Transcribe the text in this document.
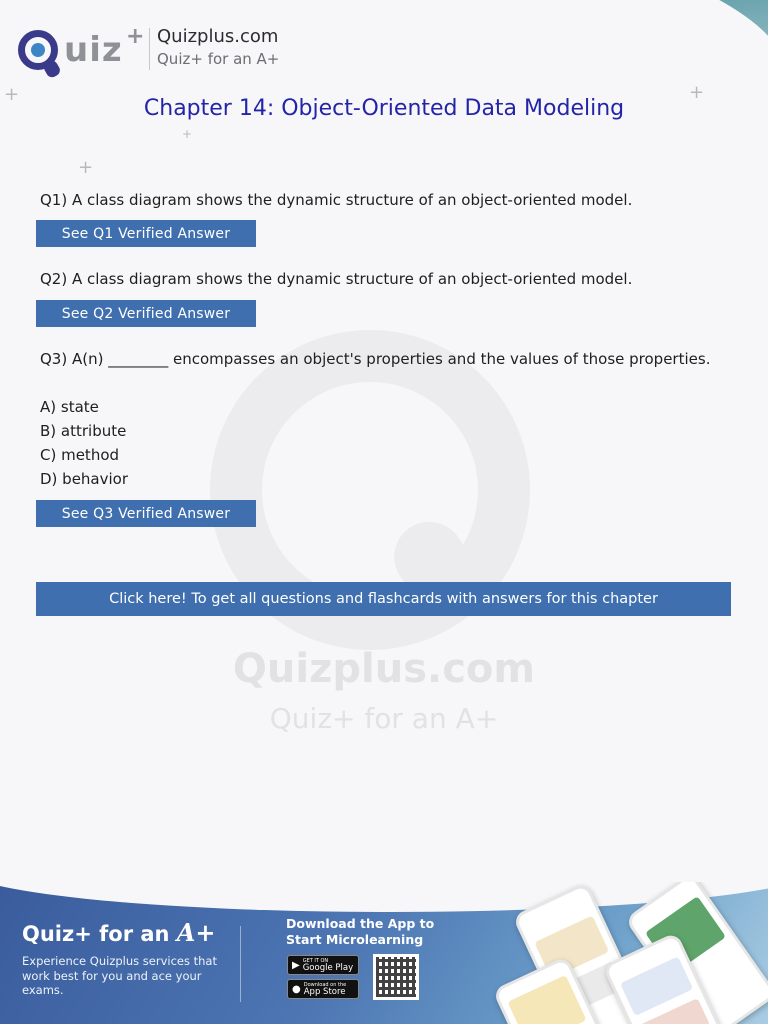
Quizplus.com
Quiz+ for an A+
+	+
+
+
uiz + Quizplus.com
Quiz+ for an A+
Chapter 14: Object-Oriented Data Modeling
Q1) A class diagram shows the dynamic structure of an object-oriented model.
See Q1 Verified Answer
Q2) A class diagram shows the dynamic structure of an object-oriented model.
See Q2 Verified Answer
Q3) A(n) ________ encompasses an object's properties and the values of those properties.
A) state
B) attribute
C) method
D) behavior
See Q3 Verified Answer
Click here! To get all questions and flashcards with answers for this chapter
Quiz+ for an A+
Experience Quizplus services that work best for you and ace your exams.
Download the App to
Start Microlearning
▶ GET IT ON
Google Play
● Download on the
App Store
